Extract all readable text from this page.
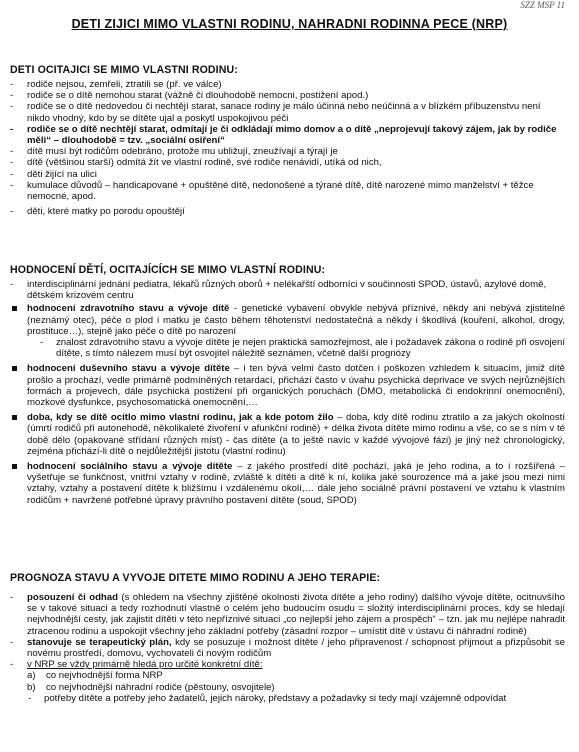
SZZ MSP 11
DETI ZIJICI MIMO VLASTNI RODINU, NAHRADNI RODINNA PECE (NRP)
DETI OCITAJICI SE MIMO VLASTNI RODINU:
- rodiče nejsou, zemřeli, ztratili se (př. ve válce)
- rodiče se o dítě nemohou starat (vážně či dlouhodobě nemocni, postižení apod.)
- rodiče se o dítě nedovedou či nechtějí starat, sanace rodiny je málo účinná nebo neúčinná a v blízkém příbuzenstvu není nikdo vhodný, kdo by se dítěte ujal a poskytl uspokojivou péči
- rodiče se o dítě nechtějí starat, odmítají je či odkládají mimo domov a o dítě „neprojevují takový zájem, jak by rodiče měli“ – dlouhodobě = tzv. „sociální osiření“
- dítě musí být rodičům odebráno, protože mu ubližují, zneužívají a týrají je
- dítě (většinou starší) odmítá žít ve vlastní rodině, své rodiče nenávidí, utíká od nich,
- děti žijící na ulici
- kumulace důvodů – handicapované + opuštěné dítě, nedonošené a týrané dítě, dítě narozené mimo manželství + těžce nemocné, apod.
- děti, které matky po porodu opouštějí
HODNOCENÍ DĚTÍ, OCITAJÍCÍCH SE MIMO VLASTNÍ RODINU:
- interdisciplinární jednání pediatra, lékařů různých oborů + nelékařští odborníci v součinnosti SPOD, ústavů, azylové domě, dětském krizovém centru
hodnocení zdravotního stavu a vývoje dítě - genetické vybavení obvykle nebývá příznivé, někdy ani nebývá zjistitelné (neznámý otec), péče o plod i matku je často během těhotenství nedostatečná a někdy i škodlivá (kouření, alkohol, drogy, prostituce…), stejně jako péče o dítě po narození
- znalost zdravotního stavu a vývoje dítěte je nejen praktická samozřejmost, ale i požadavek zákona o rodině při osvojení dítěte, s tímto nálezem musí být osvojitel náležitě seznámen, včetně další prognózy
hodnocení duševního stavu a vývoje dítěte – i ten bývá velmi často dotčen i poškozen vzhledem k situacím, jimiž dítě prošlo a prochází, vedle primárně podmíněných retardací, přichází často v úvahu psychická deprivace ve svých nejrůznějších formách a projevech, dále psychická postižení při organických poruchách (DMO, metabolická či endokrinní onemocnění), mozkové dysfunkce, psychosomatická onemocnění,…
doba, kdy se dítě ocitlo mimo vlastní rodinu, jak a kde potom žilo – doba, kdy dítě rodinu ztratilo a za jakých okolností (úmrtí rodičů při autonehodě, několikaleté živoření v afunkční rodině) + délka života dítěte mimo rodinu a vše, co se s ním v té době dělo (opakované střídání různých míst) - čas dítěte (a to ještě navíc v každé vývojové fázi) je jiný než chronologický, zejména přichází-li dítě o nejdůležitější jistotu (vlastní rodinu)
hodnocení sociálního stavu a vývoje dítěte – z jakého prostředí dítě pochází, jaká je jeho rodina, a to i rozšířená – vyšetřuje se funkčnost, vnitřní vztahy v rodině, zvláště k dítěti a dítě k ní, kolika jaké sourozence má a jaké jsou mezi nimi vztahy, vztahy a postavení dítěte k bližšímu i vzdálenému okolí,… dále jeho sociálně právní postavení ve vztahu k vlastním rodičům + navržené potřebné úpravy právního postavení dítěte (soud, SPOD)
PROGNOZA STAVU A VYVOJE DITETE MIMO RODINU A JEHO TERAPIE:
- posouzení či odhad (s ohledem na všechny zjištěné okolnosti života dítěte a jeho rodiny) dalšího vývoje dítěte, ocitnuvšího se v takové situaci a tedy rozhodnutí vlastně o celém jeho budoucím osudu = složitý interdisciplinární proces, kdy se hledají nejvhodnější cesty, jak zajistit dítěti v této nepříznivé situaci „co nejlepší jeho zájem a prospěch“ – tzn. jak mu nejlépe nahradit ztracenou rodinu a uspokojit všechny jeho základní potřeby (zásadní rozpor – umístit dítě v ústavu či náhradní rodině)
- stanovuje se terapeutický plán, kdy se posuzuje i možnost dítěte / jeho připravenost / schopnost přijmout a přizpůsobit se novému prostředí, domovu, vychovateli či novým rodičům
- v NRP se vždy primárně hledá pro určité konkrétní dítě:
a) co nejvhodnější forma NRP
b) co nejvhodnější náhradní rodiče (pěstouny, osvojitele)
- potřeby dítěte a potřeby jeho žadatelů, jejich nároky, představy a požadavky si tedy mají vzájemně odpovídat
